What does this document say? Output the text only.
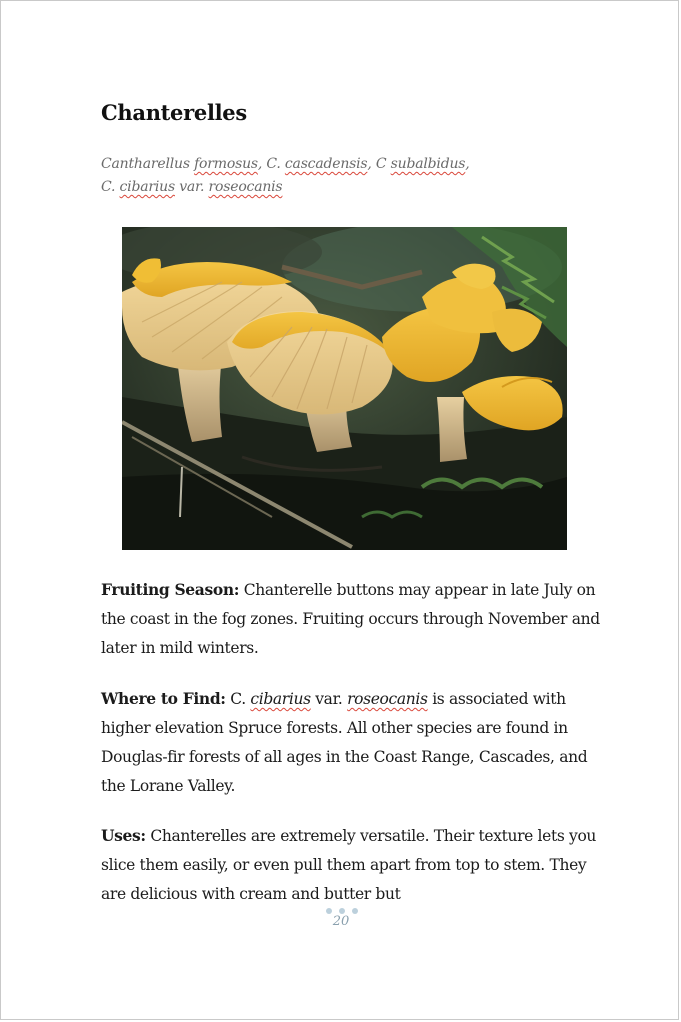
Chanterelles
Cantharellus formosus, C. cascadensis, C subalbidus,
C. cibarius var. roseocanis

Fruiting Season: Chanterelle buttons may appear in late July on the coast in the fog zones. Fruiting occurs through November and later in mild winters.

Where to Find: C. cibarius var. roseocanis is associated with higher elevation Spruce forests. All other species are found in Douglas-fir forests of all ages in the Coast Range, Cascades, and the Lorane Valley.

Uses: Chanterelles are extremely versatile. Their texture lets you slice them easily, or even pull them apart from top to stem. They are delicious with cream and butter but

20
